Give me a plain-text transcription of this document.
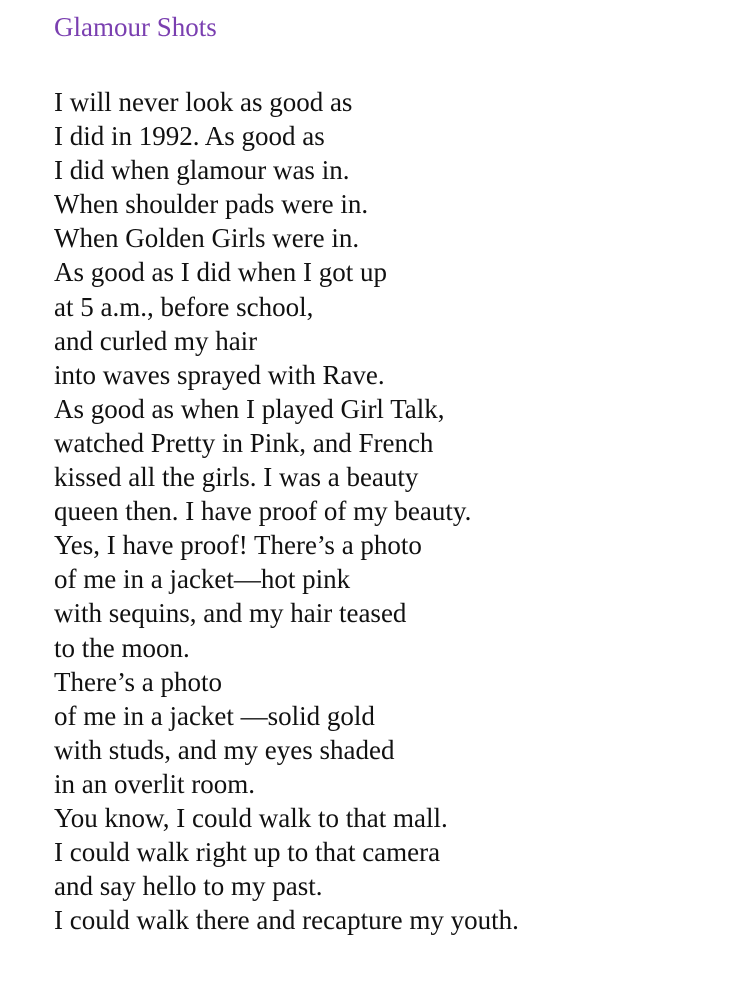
Glamour Shots
I will never look as good as
I did in 1992. As good as
I did when glamour was in.
When shoulder pads were in.
When Golden Girls were in.
As good as I did when I got up
at 5 a.m., before school,
and curled my hair
into waves sprayed with Rave.
As good as when I played Girl Talk,
watched Pretty in Pink, and French
kissed all the girls. I was a beauty
queen then. I have proof of my beauty.
Yes, I have proof! There’s a photo
of me in a jacket—hot pink
with sequins, and my hair teased
to the moon.
There’s a photo
of me in a jacket —solid gold
with studs, and my eyes shaded
in an overlit room.
You know, I could walk to that mall.
I could walk right up to that camera
and say hello to my past.
I could walk there and recapture my youth.
